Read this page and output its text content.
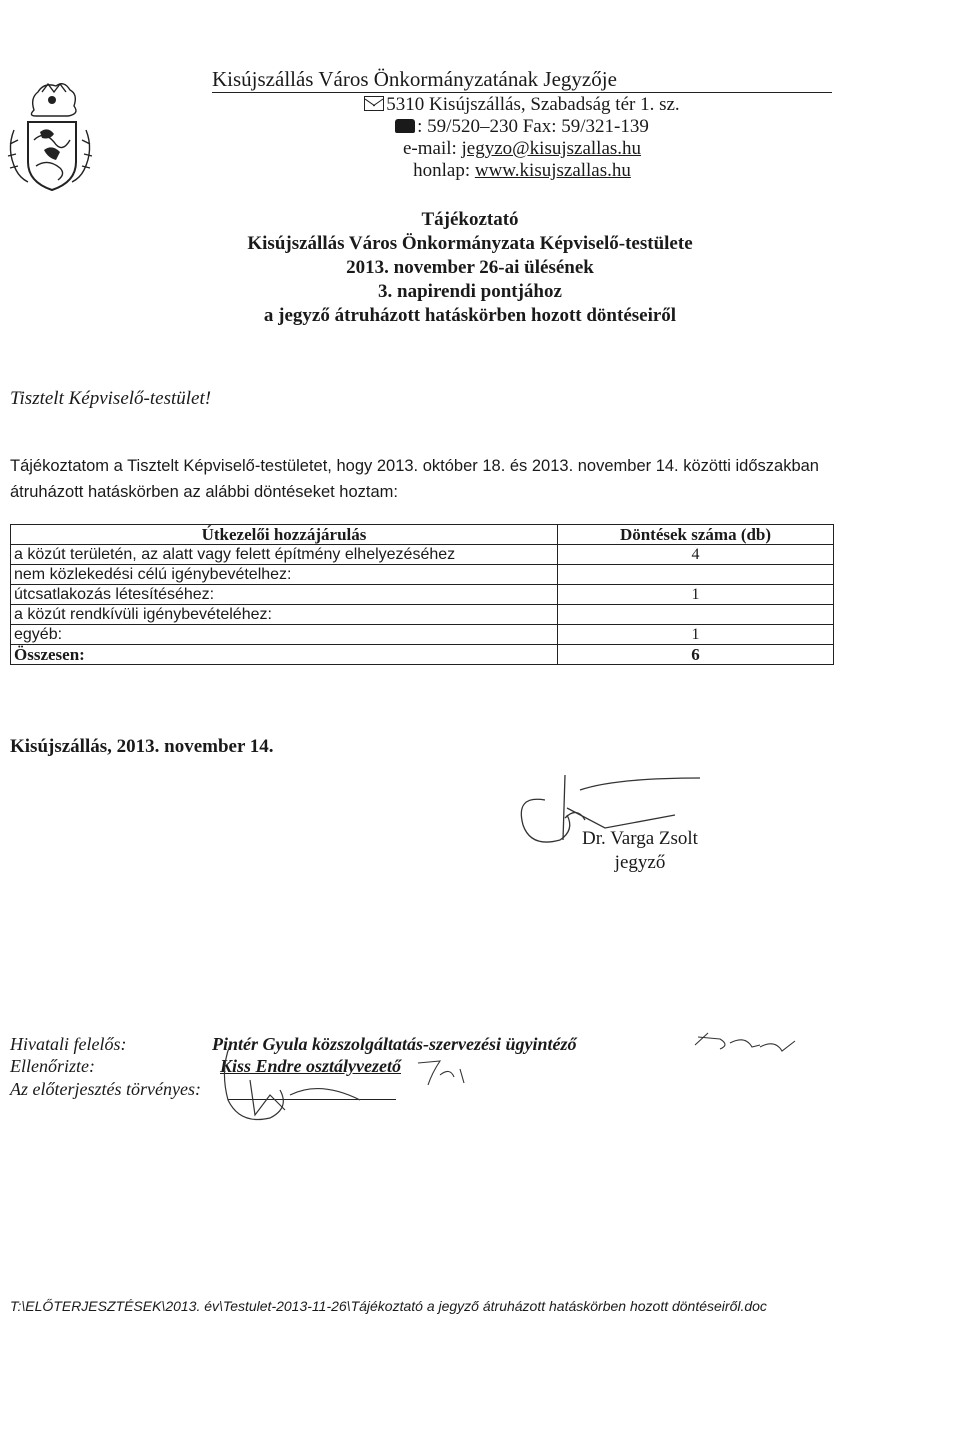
Kisújszállás Város Önkormányzatának Jegyzője
5310 Kisújszállás, Szabadság tér 1. sz.
: 59/520–230 Fax: 59/321-139
e-mail: jegyzo@kisujszallas.hu
honlap: www.kisujszallas.hu
Tájékoztató
Kisújszállás Város Önkormányzata Képviselő-testülete
2013. november 26-ai ülésének
3. napirendi pontjához
a jegyző átruházott hatáskörben hozott döntéseiről
Tisztelt Képviselő-testület!
Tájékoztatom a Tisztelt Képviselő-testületet, hogy 2013. október 18. és 2013. november 14. közötti időszakban átruházott hatáskörben az alábbi döntéseket hoztam:
Útkezelői hozzájárulás	Döntések száma (db)
a közút területén, az alatt vagy felett építmény elhelyezéséhez	4
nem közlekedési célú igénybevételhez:	
útcsatlakozás létesítéséhez:	1
a közút rendkívüli igénybevételéhez:	
egyéb:	1
Összesen:	6
Kisújszállás, 2013. november 14.
Dr. Varga Zsolt
jegyző
Hivatali felelős:	Pintér Gyula közszolgáltatás-szervezési ügyintéző
Ellenőrizte:	Kiss Endre osztályvezető
Az előterjesztés törvényes:
T:\ELŐTERJESZTÉSEK\2013. év\Testulet-2013-11-26\Tájékoztató a jegyző átruházott hatáskörben hozott döntéseiről.doc
